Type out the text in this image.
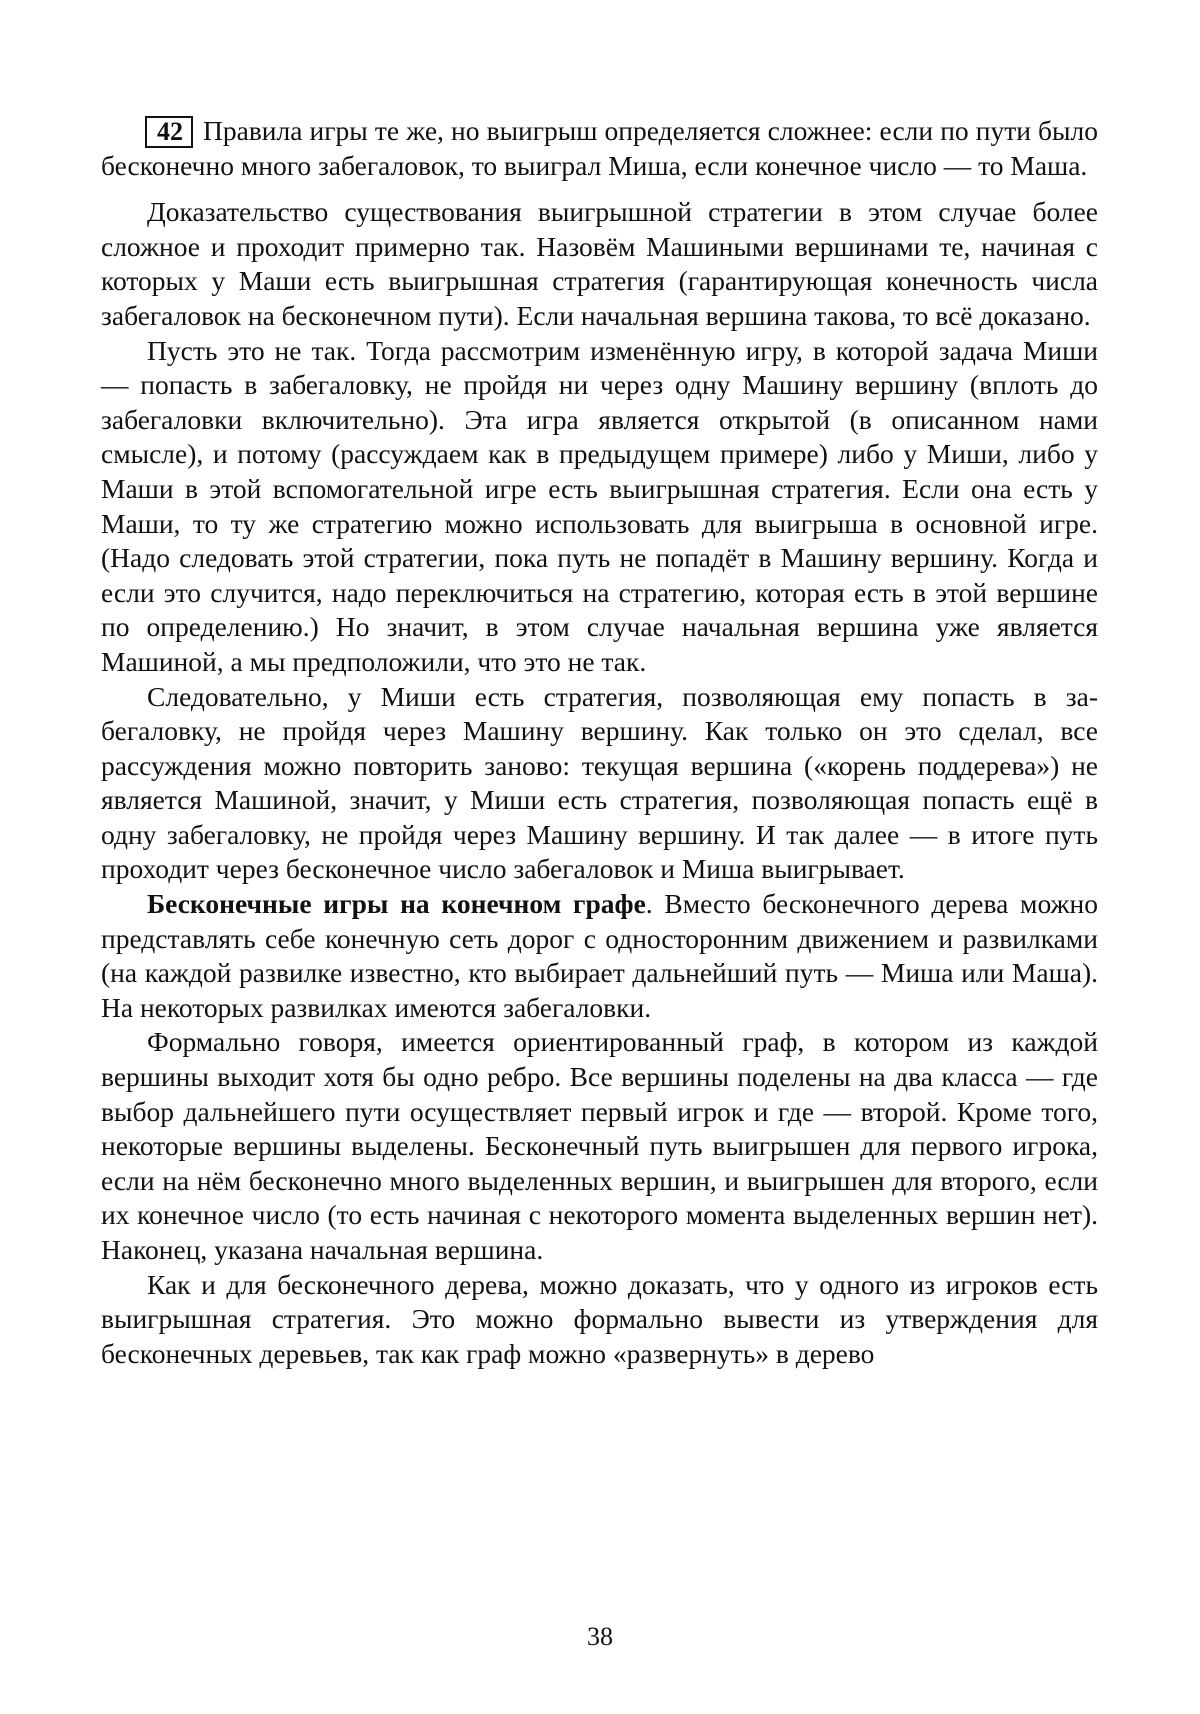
42 Правила игры те же, но выигрыш определяется сложнее: если по пути было бесконечно много забегаловок, то выиграл Миша, если конечное число — то Маша.

Доказательство существования выигрышной стратегии в этом случае более сложное и проходит примерно так. Назовём Машиными вершинами те, начиная с которых у Маши есть выигрышная стратегия (гарантирующая конечность числа забегаловок на бесконечном пути). Если начальная вершина такова, то всё доказано.

Пусть это не так. Тогда рассмотрим изменённую игру, в которой задача Миши — попасть в забегаловку, не пройдя ни через одну Машину вершину (вплоть до забегаловки включительно). Эта игра является открытой (в описанном нами смысле), и потому (рассуждаем как в предыдущем примере) либо у Миши, либо у Маши в этой вспомогательной игре есть выигрышная стратегия. Если она есть у Маши, то ту же стратегию можно использовать для выигрыша в основной игре. (Надо следовать этой стратегии, пока путь не попадёт в Машину вершину. Когда и если это случится, надо переключиться на стратегию, которая есть в этой вершине по определению.) Но значит, в этом случае начальная вершина уже является Машиной, а мы предположили, что это не так.

Следовательно, у Миши есть стратегия, позволяющая ему попасть в забегаловку, не пройдя через Машину вершину. Как только он это сделал, все рассуждения можно повторить заново: текущая вершина («корень поддерева») не является Машиной, значит, у Миши есть стратегия, позволяющая попасть ещё в одну забегаловку, не пройдя через Машину вершину. И так далее — в итоге путь проходит через бесконечное число забегаловок и Миша выигрывает.

Бесконечные игры на конечном графе. Вместо бесконечного дерева можно представлять себе конечную сеть дорог с односторонним движением и развилками (на каждой развилке известно, кто выбирает дальнейший путь — Миша или Маша). На некоторых развилках имеются забегаловки.

Формально говоря, имеется ориентированный граф, в котором из каждой вершины выходит хотя бы одно ребро. Все вершины поделены на два класса — где выбор дальнейшего пути осуществляет первый игрок и где — второй. Кроме того, некоторые вершины выделены. Бесконечный путь выигрышен для первого игрока, если на нём бесконечно много выделенных вершин, и выигрышен для второго, если их конечное число (то есть начиная с некоторого момента выделенных вершин нет). Наконец, указана начальная вершина.

Как и для бесконечного дерева, можно доказать, что у одного из игроков есть выигрышная стратегия. Это можно формально вывести из утверждения для бесконечных деревьев, так как граф можно «развернуть» в дерево

38
